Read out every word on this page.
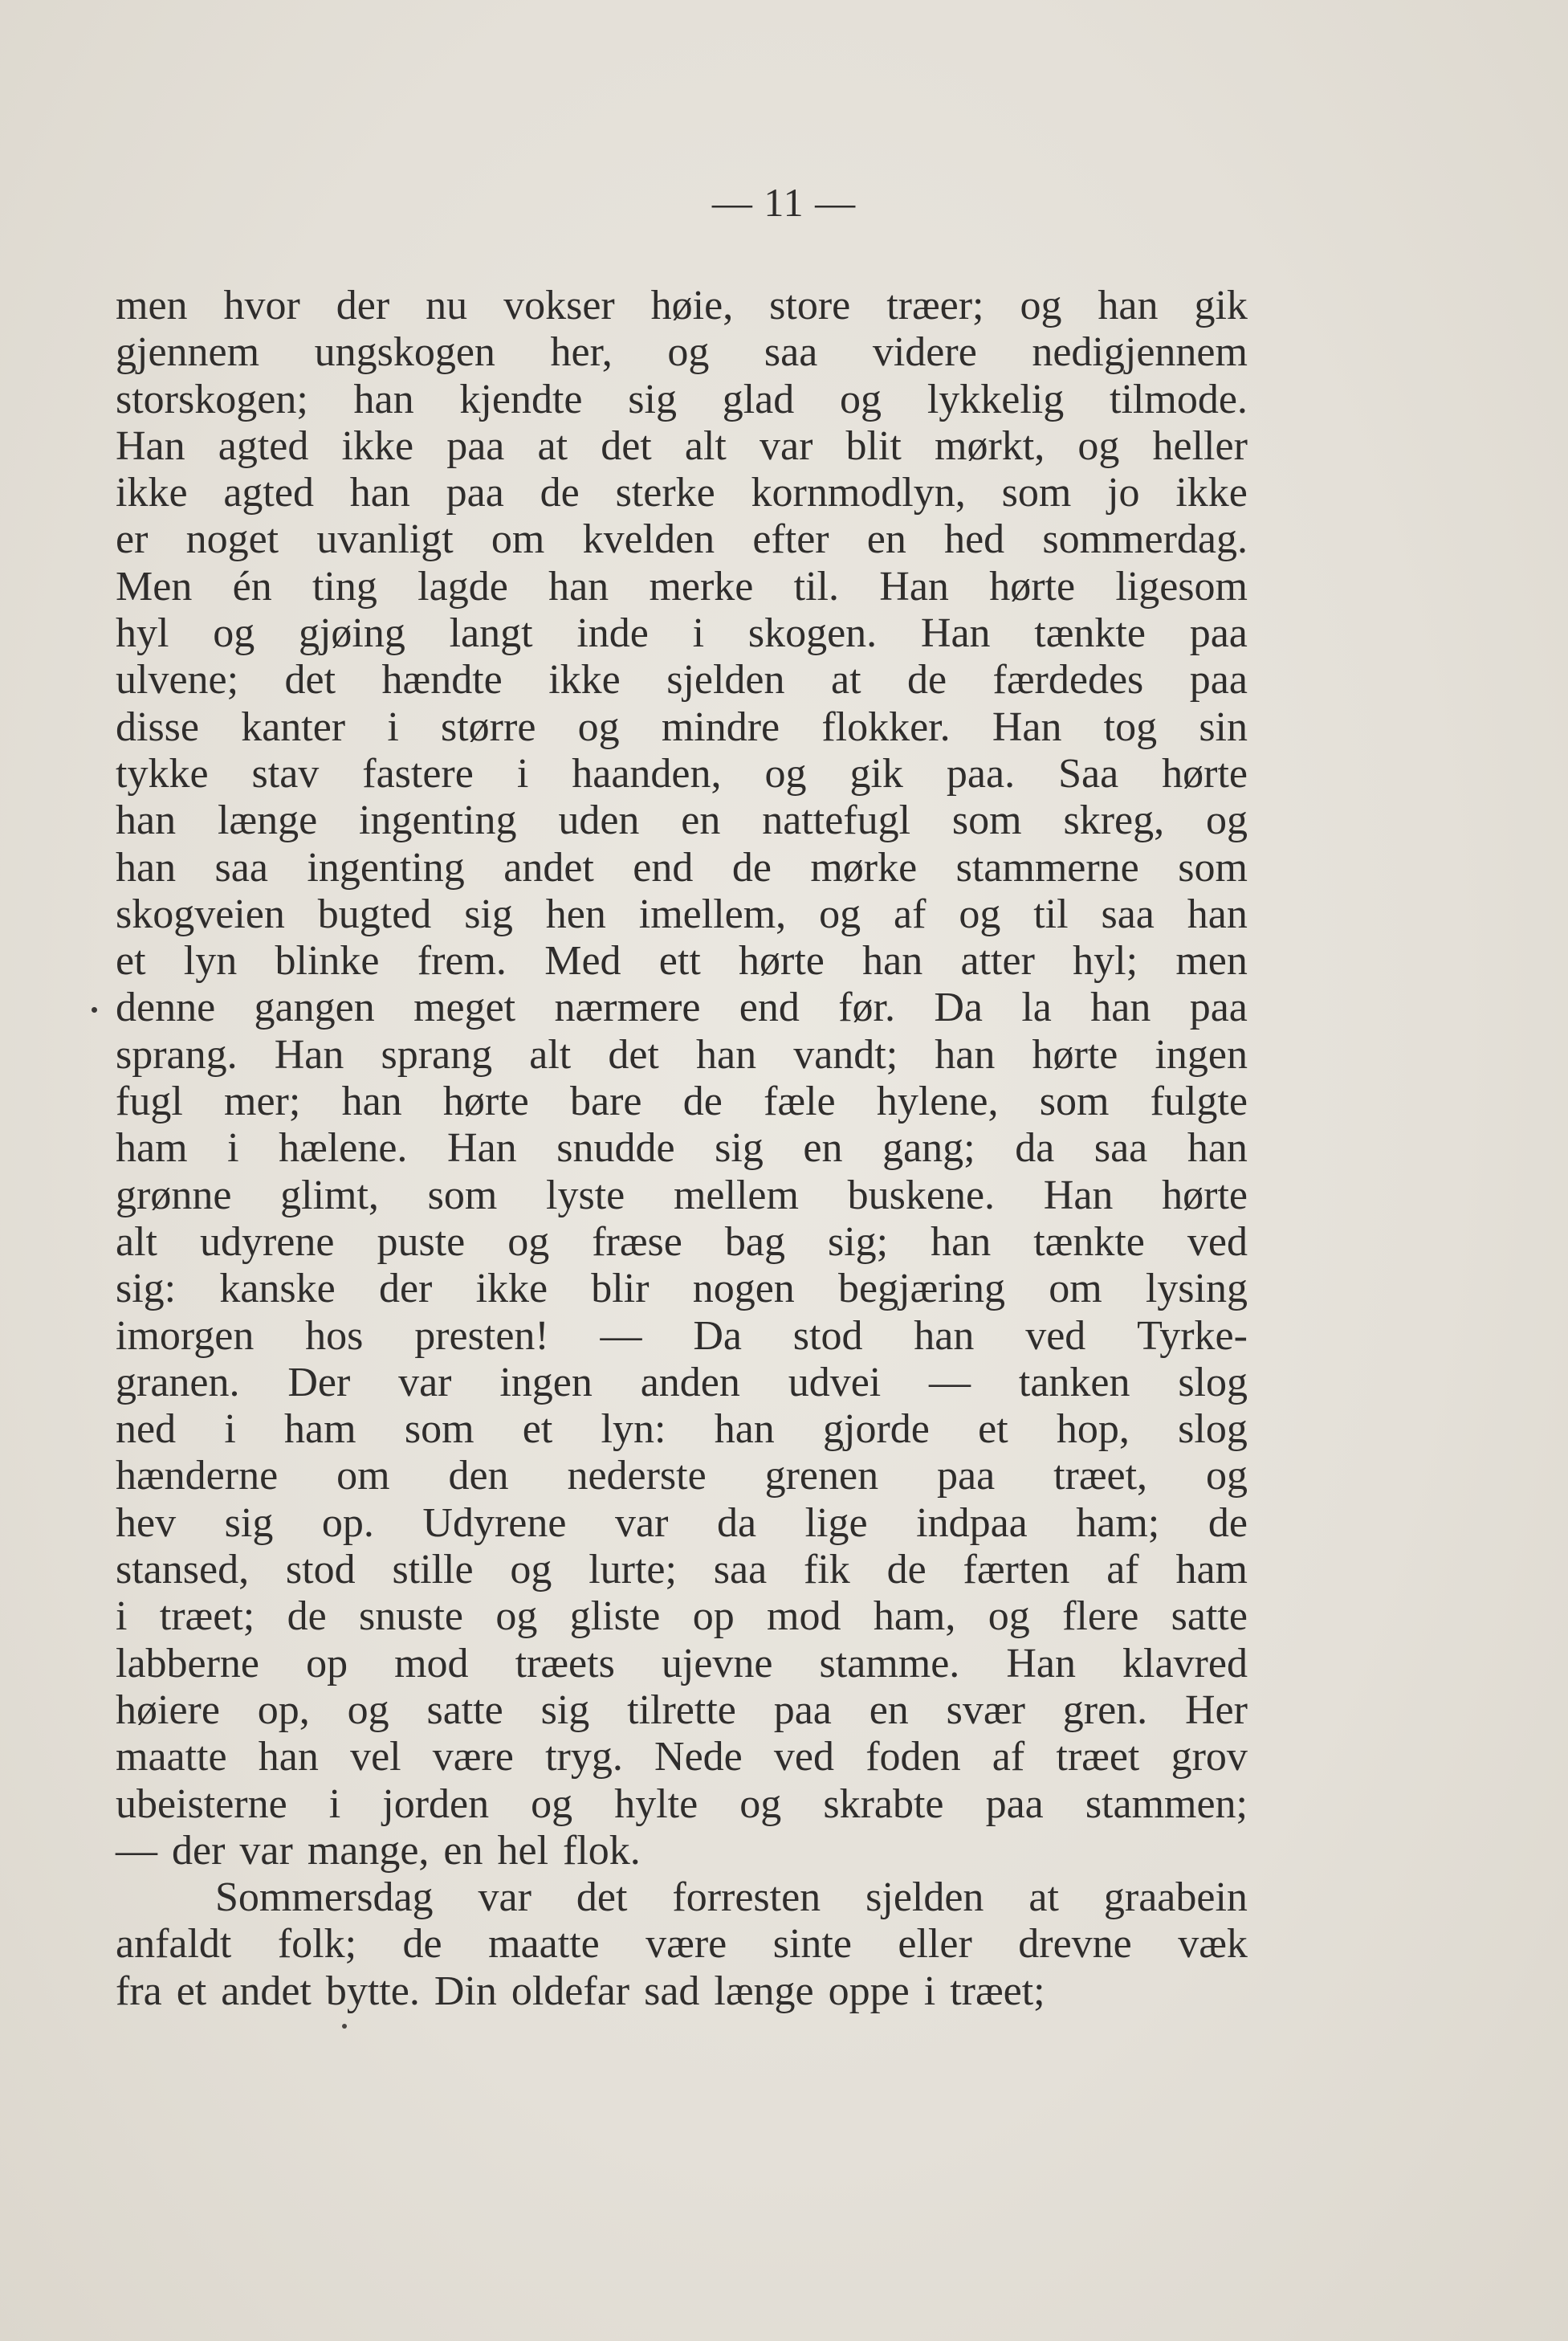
— 11 —
men hvor der nu vokser høie, store træer; og han gik
gjennem ungskogen her, og saa videre nedigjennem
storskogen; han kjendte sig glad og lykkelig tilmode.
Han agted ikke paa at det alt var blit mørkt, og heller
ikke agted han paa de sterke kornmodlyn, som jo ikke
er noget uvanligt om kvelden efter en hed sommerdag.
Men én ting lagde han merke til. Han hørte ligesom
hyl og gjøing langt inde i skogen. Han tænkte paa
ulvene; det hændte ikke sjelden at de færdedes paa
disse kanter i større og mindre flokker. Han tog sin
tykke stav fastere i haanden, og gik paa. Saa hørte
han længe ingenting uden en nattefugl som skreg, og
han saa ingenting andet end de mørke stammerne som
skogveien bugted sig hen imellem, og af og til saa han
et lyn blinke frem. Med ett hørte han atter hyl; men
denne gangen meget nærmere end før. Da la han paa
sprang. Han sprang alt det han vandt; han hørte ingen
fugl mer; han hørte bare de fæle hylene, som fulgte
ham i hælene. Han snudde sig en gang; da saa han
grønne glimt, som lyste mellem buskene. Han hørte
alt udyrene puste og fræse bag sig; han tænkte ved
sig: kanske der ikke blir nogen begjæring om lysing
imorgen hos presten! — Da stod han ved Tyrke-
granen. Der var ingen anden udvei — tanken slog
ned i ham som et lyn: han gjorde et hop, slog
hænderne om den nederste grenen paa træet, og
hev sig op. Udyrene var da lige indpaa ham; de
stansed, stod stille og lurte; saa fik de færten af ham
i træet; de snuste og gliste op mod ham, og flere satte
labberne op mod træets ujevne stamme. Han klavred
høiere op, og satte sig tilrette paa en svær gren. Her
maatte han vel være tryg. Nede ved foden af træet grov
ubeisterne i jorden og hylte og skrabte paa stammen;
— der var mange, en hel flok.
Sommersdag var det forresten sjelden at graabein
anfaldt folk; de maatte være sinte eller drevne væk
fra et andet bytte. Din oldefar sad længe oppe i træet;
